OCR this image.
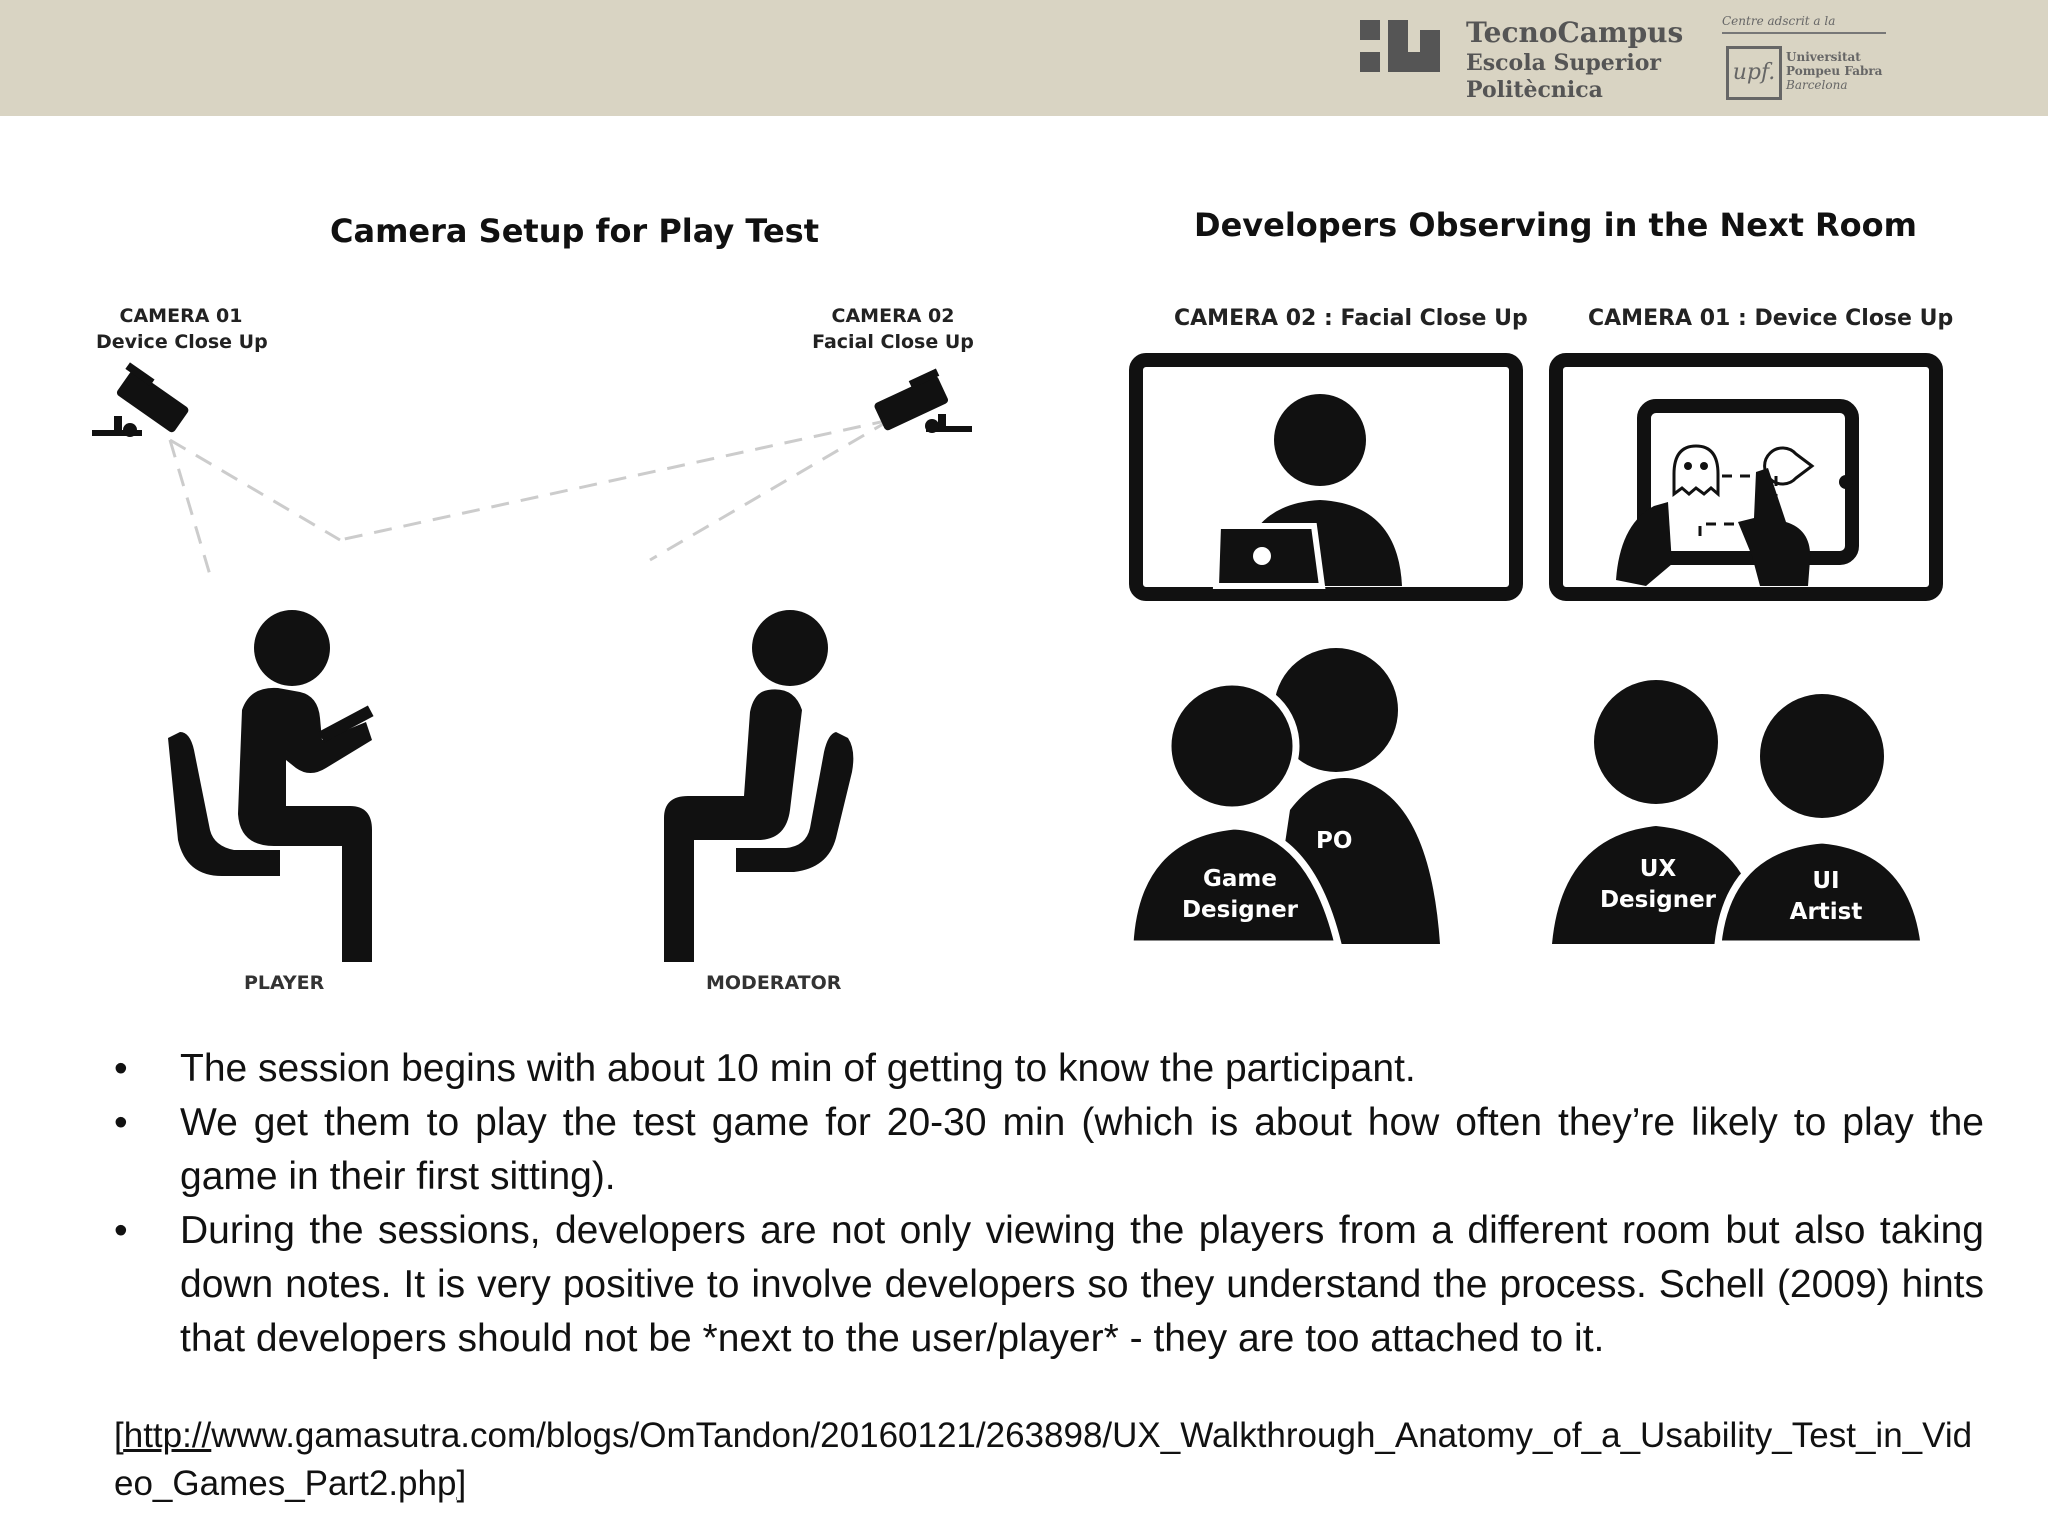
TecnoCampus
Escola Superior
Politècnica
Centre adscrit a la
upf.
Universitat
Pompeu Fabra
Barcelona
Camera Setup for Play Test
CAMERA 01
Device Close Up
CAMERA 02
Facial Close Up
PLAYER	MODERATOR
Developers Observing in the Next Room
CAMERA 02 : Facial Close Up	CAMERA 01 : Device Close Up
PO
Game
Designer
UX
Designer
UI
Artist
• The session begins with about 10 min of getting to know the participant.
• We get them to play the test game for 20-30 min (which is about how often they’re likely to play the game in their first sitting).
• During the sessions, developers are not only viewing the players from a different room but also taking down notes. It is very positive to involve developers so they understand the process. Schell (2009) hints that developers should not be *next to the user/player* - they are too attached to it.
[http://www.gamasutra.com/blogs/OmTandon/20160121/263898/UX_Walkthrough_Anatomy_of_a_Usability_Test_in_Video_Games_Part2.php]
